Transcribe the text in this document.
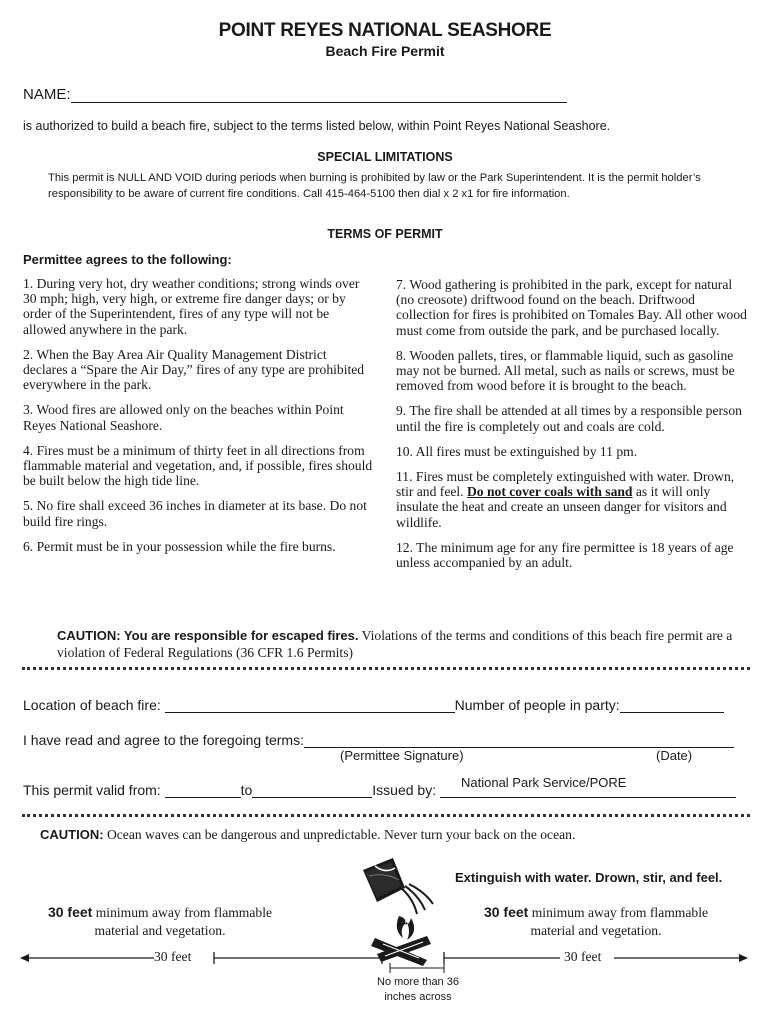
POINT REYES NATIONAL SEASHORE
Beach Fire Permit
NAME:
is authorized to build a beach fire, subject to the terms listed below, within Point Reyes National Seashore.
SPECIAL LIMITATIONS
This permit is NULL AND VOID during periods when burning is prohibited by law or the Park Superintendent. It is the permit holder’s responsibility to be aware of current fire conditions. Call 415-464-5100 then dial x 2 x1 for fire information.
TERMS OF PERMIT
Permittee agrees to the following:
1. During very hot, dry weather conditions; strong winds over 30 mph; high, very high, or extreme fire danger days; or by order of the Superintendent, fires of any type will not be allowed anywhere in the park.
2. When the Bay Area Air Quality Management District declares a “Spare the Air Day,” fires of any type are prohibited everywhere in the park.
3. Wood fires are allowed only on the beaches within Point Reyes National Seashore.
4. Fires must be a minimum of thirty feet in all directions from flammable material and vegetation, and, if possible, fires should be built below the high tide line.
5. No fire shall exceed 36 inches in diameter at its base. Do not build fire rings.
6. Permit must be in your possession while the fire burns.
7. Wood gathering is prohibited in the park, except for natural (no creosote) driftwood found on the beach. Driftwood collection for fires is prohibited on Tomales Bay. All other wood must come from outside the park, and be purchased locally.
8. Wooden pallets, tires, or flammable liquid, such as gasoline may not be burned. All metal, such as nails or screws, must be removed from wood before it is brought to the beach.
9. The fire shall be attended at all times by a responsible person until the fire is completely out and coals are cold.
10. All fires must be extinguished by 11 pm.
11. Fires must be completely extinguished with water. Drown, stir and feel. Do not cover coals with sand as it will only insulate the heat and create an unseen danger for visitors and wildlife.
12. The minimum age for any fire permittee is 18 years of age unless accompanied by an adult.
CAUTION: You are responsible for escaped fires. Violations of the terms and conditions of this beach fire permit are a violation of Federal Regulations (36 CFR 1.6 Permits)
Location of beach fire:	Number of people in party:
I have read and agree to the foregoing terms:
(Permittee Signature)	(Date)
National Park Service/PORE
This permit valid from:	to	Issued by:
CAUTION: Ocean waves can be dangerous and unpredictable. Never turn your back on the ocean.
Extinguish with water. Drown, stir, and feel.
30 feet minimum away from flammable material and vegetation.
30 feet minimum away from flammable material and vegetation.
30 feet	30 feet
No more than 36 inches across
